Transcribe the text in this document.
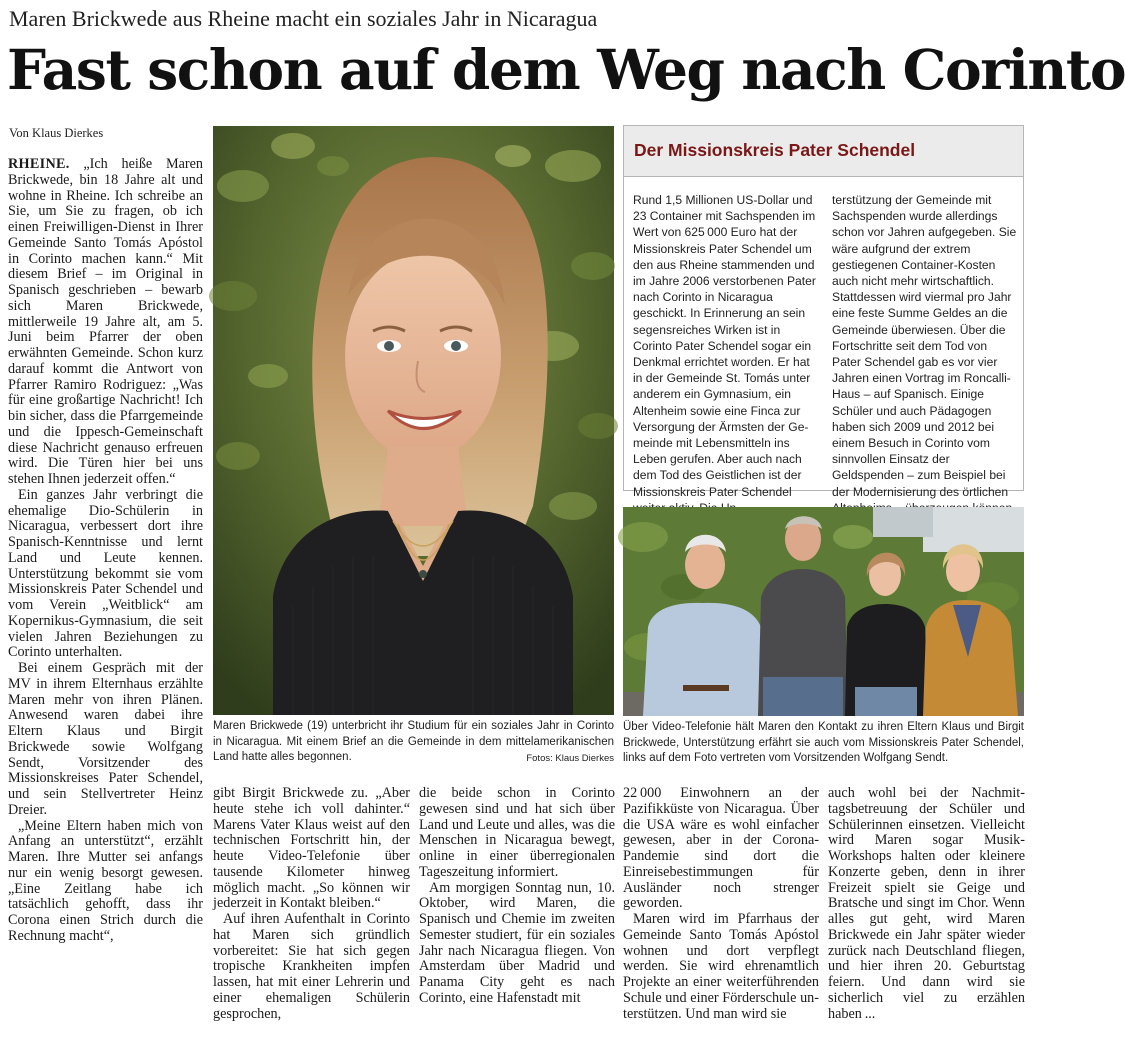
Maren Brickwede aus Rheine macht ein soziales Jahr in Nicaragua
Fast schon auf dem Weg nach Corinto
Von Klaus Dierkes

RHEINE. „Ich heiße Maren Brickwede, bin 18 Jahre alt und wohne in Rheine. Ich schreibe an Sie, um Sie zu fragen, ob ich einen Freiwilligen-Dienst in Ihrer Gemeinde Santo Tomás Apóstol in Corinto machen kann.“ Mit diesem Brief – im Original in Spanisch geschrieben – bewarb sich Maren Brickwede, mittlerweile 19 Jahre alt, am 5. Juni beim Pfarrer der oben erwähnten Gemeinde. Schon kurz darauf kommt die Antwort von Pfarrer Ramiro Rodriguez: „Was für eine großartige Nachricht! Ich bin sicher, dass die Pfarrgemeinde und die Ippesch-Gemeinschaft diese Nachricht genauso erfreuen wird. Die Türen hier bei uns stehen Ihnen jederzeit offen.“

Ein ganzes Jahr verbringt die ehemalige Dio-Schülerin in Nicaragua, verbessert dort ihre Spanisch-Kenntnisse und lernt Land und Leute kennen. Unterstützung bekommt sie vom Missionskreis Pater Schendel und vom Verein „Weitblick“ am Kopernikus-Gymnasium, die seit vielen Jahren Beziehungen zu Corinto unterhalten.

Bei einem Gespräch mit der MV in ihrem Elternhaus erzählte Maren mehr von ihren Plänen. Anwesend waren dabei ihre Eltern Klaus und Birgit Brickwede sowie Wolfgang Sendt, Vorsitzender des Missionskreises Pater Schendel, und sein Stellvertreter Heinz Dreier.

„Meine Eltern haben mich von Anfang an unterstützt“, erzählt Maren. Ihre Mutter sei anfangs nur ein wenig besorgt gewesen. „Eine Zeitlang habe ich tatsächlich gehofft, dass ihr Corona einen Strich durch die Rechnung macht“,

Maren Brickwede (19) unterbricht ihr Studium für ein soziales Jahr in Corinto in Nicaragua. Mit einem Brief an die Gemeinde in dem mittelamerikanischen Land hatte alles begonnen.	Fotos: Klaus Dierkes
Der Missionskreis Pater Schendel
Rund 1,5 Millionen US-Dollar und 23 Container mit Sachspenden im Wert von 625 000 Euro hat der Missionskreis Pater Schendel um den aus Rheine stammenden und im Jahre 2006 verstorbenen Pater nach Corinto in Nicaragua geschickt. In Erinnerung an sein segensreiches Wirken ist in Corinto Pater Schendel sogar ein Denkmal errichtet worden. Er hat in der Gemeinde St. Tomás unter anderem ein Gymnasium, ein Altenheim sowie eine Finca zur Versorgung der Ärmsten der Gemeinde mit Lebensmitteln ins Leben gerufen. Aber auch nach dem Tod des Geistlichen ist der Missionskreis Pater Schendel
terstützung der Gemeinde mit Sachspenden wurde allerdings schon vor Jahren aufgegeben. Sie wäre aufgrund der extrem gestiegenen Container-Kosten auch nicht mehr wirtschaftlich. Stattdessen wird viermal pro Jahr eine feste Summe Geldes an die Gemeinde überwiesen. Über die Fortschritte seit dem Tod von Pater Schendel gab es vor vier Jahren einen Vortrag im Roncalli-Haus – auf Spanisch. Einige Schüler und auch Pädagogen haben sich 2009 und 2012 bei einem Besuch in Corinto vom sinnvollen Einsatz der Geldspenden – zum Beispiel bei der Modernisierung des örtlichen
Über Video-Telefonie hält Maren den Kontakt zu ihren Eltern Klaus und Birgit Brickwede, Unterstützung erfährt sie auch vom Missionskreis Pater Schendel, links auf dem Foto vertreten vom Vorsitzenden Wolfgang Sendt.

gibt Birgit Brickwede zu. „Aber heute stehe ich voll dahinter.“ Marens Vater Klaus weist auf den technischen Fortschritt hin, der heute Video-Telefonie über tausende Kilometer hinweg möglich macht. „So können wir jederzeit in Kontakt bleiben.“

Auf ihren Aufenthalt in Corinto hat Maren sich gründlich vorbereitet: Sie hat sich gegen tropische Krankheiten impfen lassen, hat mit einer Lehrerin und einer ehemaligen Schülerin gesprochen,

die beide schon in Corinto gewesen sind und hat sich über Land und Leute und alles, was die Menschen in Nicaragua bewegt, online in einer überregionalen Tageszeitung informiert.

Am morgigen Sonntag nun, 10. Oktober, wird Maren, die Spanisch und Chemie im zweiten Semester studiert, für ein soziales Jahr nach Nicaragua fliegen. Von Amsterdam über Madrid und Panama City geht es nach Corinto, eine Hafenstadt mit

22 000 Einwohnern an der Pazifikküste von Nicaragua. Über die USA wäre es wohl einfacher gewesen, aber in der Corona-Pandemie sind dort die Einreisebestimmungen für Ausländer noch strenger geworden.

Maren wird im Pfarrhaus der Gemeinde Santo Tomás Apóstol wohnen und dort verpflegt werden. Sie wird ehrenamtlich Projekte an einer weiterführenden Schule und einer Förderschule unterstützen. Und man wird sie

auch wohl bei der Nachmittagsbetreuung der Schüler und Schülerinnen einsetzen. Vielleicht wird Maren sogar Musik-Workshops halten oder kleinere Konzerte geben, denn in ihrer Freizeit spielt sie Geige und Bratsche und singt im Chor. Wenn alles gut geht, wird Maren Brickwede ein Jahr später wieder zurück nach Deutschland fliegen, und hier ihren 20. Geburtstag feiern. Und dann wird sie sicherlich viel zu erzählen haben ...
